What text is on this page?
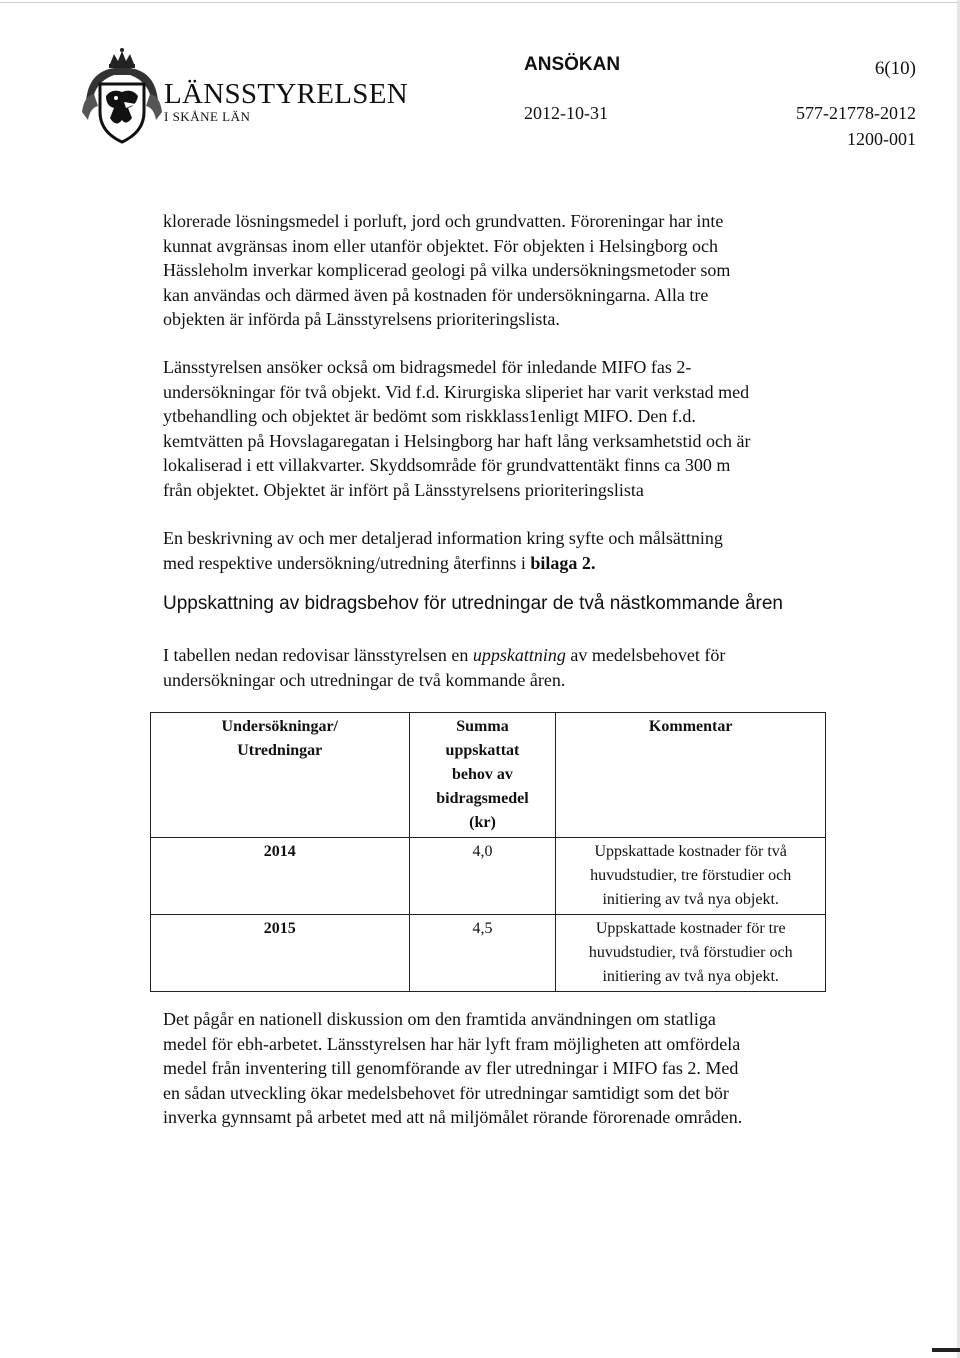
LÄNSSTYRELSEN
I SKÅNE LÄN
ANSÖKAN	6(10)
2012-10-31	577-21778-2012
1200-001

klorerade lösningsmedel i porluft, jord och grundvatten. Föroreningar har inte
kunnat avgränsas inom eller utanför objektet. För objekten i Helsingborg och
Hässleholm inverkar komplicerad geologi på vilka undersökningsmetoder som
kan användas och därmed även på kostnaden för undersökningarna. Alla tre
objekten är införda på Länsstyrelsens prioriteringslista.

Länsstyrelsen ansöker också om bidragsmedel för inledande MIFO fas 2-
undersökningar för två objekt. Vid f.d. Kirurgiska sliperiet har varit verkstad med
ytbehandling och objektet är bedömt som riskklass1enligt MIFO. Den f.d.
kemtvätten på Hovslagaregatan i Helsingborg har haft lång verksamhetstid och är
lokaliserad i ett villakvarter. Skyddsområde för grundvattentäkt finns ca 300 m
från objektet. Objektet är infört på Länsstyrelsens prioriteringslista

En beskrivning av och mer detaljerad information kring syfte och målsättning
med respektive undersökning/utredning återfinns i bilaga 2.

Uppskattning av bidragsbehov för utredningar de två nästkommande åren

I tabellen nedan redovisar länsstyrelsen en uppskattning av medelsbehovet för
undersökningar och utredningar de två kommande åren.

Undersökningar/
Utredningar	Summa
uppskattat
behov av
bidragsmedel
(kr)	Kommentar

2014	4,0	Uppskattade kostnader för två
huvudstudier, tre förstudier och
initiering av två nya objekt.

2015	4,5	Uppskattade kostnader för tre
huvudstudier, två förstudier och
initiering av två nya objekt.

Det pågår en nationell diskussion om den framtida användningen om statliga
medel för ebh-arbetet. Länsstyrelsen har här lyft fram möjligheten att omfördela
medel från inventering till genomförande av fler utredningar i MIFO fas 2. Med
en sådan utveckling ökar medelsbehovet för utredningar samtidigt som det bör
inverka gynnsamt på arbetet med att nå miljömålet rörande förorenade områden.
